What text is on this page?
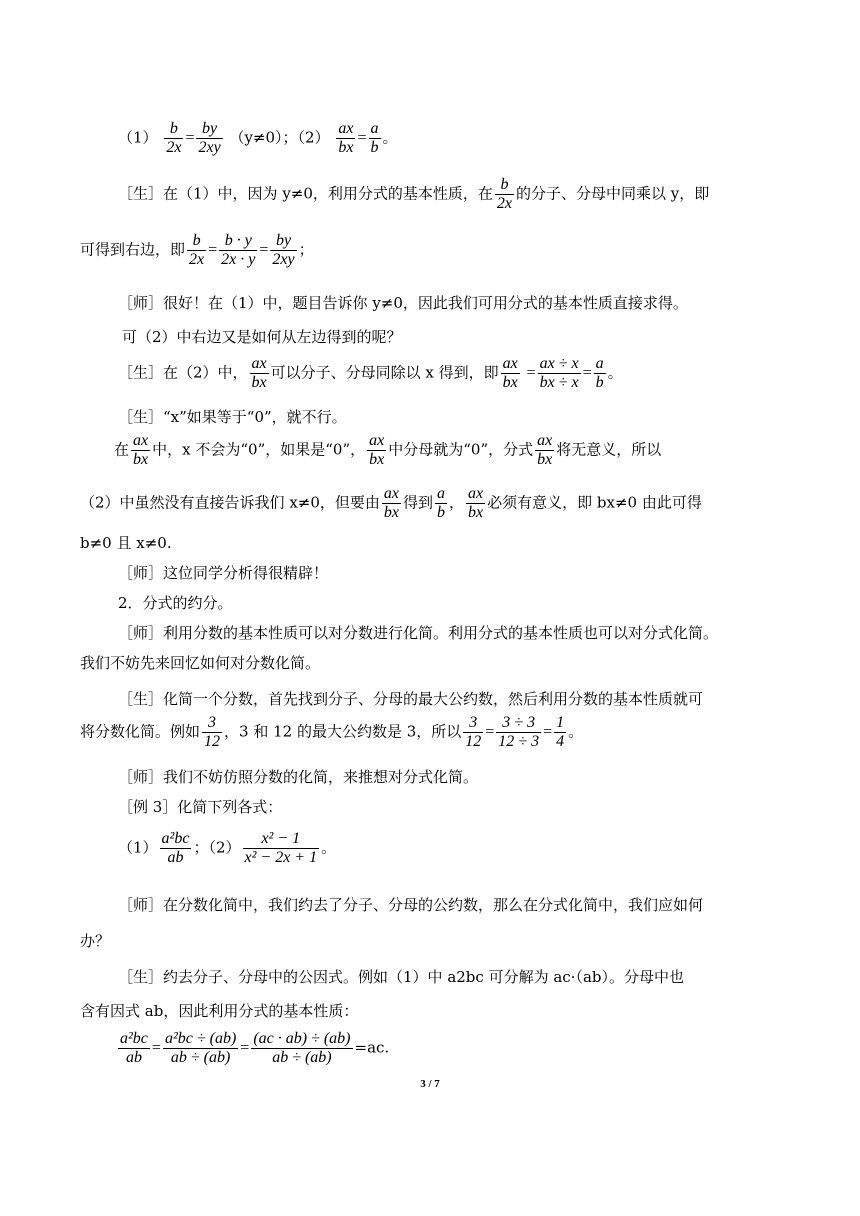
$(1) \frac{b}{2x} = \frac{by}{2xy} (y\ne 0)$；$(2) \frac{ax}{bx} = \frac{a}{b}$ 。
［生］在（1）中，因为 y≠0，利用分式的基本性质，在 $\frac{b}{2x}$ 的分子、分母中同乘以 y，即
可得到右边，即 $\frac{b}{2x} = \frac{b \cdot y}{2x \cdot y} = \frac{by}{2xy}$ ；
［师］很好！在（1）中，题目告诉你 y≠0，因此我们可用分式的基本性质直接求得。
可（2）中右边又是如何从左边得到的呢？
［生］在（2）中， $\frac{ax}{bx}$ 可以分子、分母同除以 x 得到，即 $\frac{ax}{bx} = \frac{ax \div x}{bx \div x} = \frac{a}{b}$ 。
［生］“x”如果等于“0”，就不行。
在 $\frac{ax}{bx}$ 中，x 不会为“0”，如果是“0”， $\frac{ax}{bx}$ 中分母就为“0”，分式 $\frac{ax}{bx}$ 将无意义，所以
（2）中虽然没有直接告诉我们 x≠0，但要由 $\frac{ax}{bx}$ 得到 $\frac{a}{b}$ ， $\frac{ax}{bx}$ 必须有意义，即 bx≠0 由此可得
b≠0 且 x≠0.
［师］这位同学分析得很精辟！
2．分式的约分。
［师］利用分数的基本性质可以对分数进行化简。利用分式的基本性质也可以对分式化简。
我们不妨先来回忆如何对分数化简。
［生］化简一个分数，首先找到分子、分母的最大公约数，然后利用分数的基本性质就可
将分数化简。例如 $\frac{3}{12}$ ，3 和 12 的最大公约数是 3，所以 $\frac{3}{12} = \frac{3 \div 3}{12 \div 3} = \frac{1}{4}$ 。
［师］我们不妨仿照分数的化简，来推想对分式化简。
［例 3］化简下列各式：
$(1) \frac{\text{a²bc}}{ab}$ ；$(2) \frac{\text{x² − 1}}{\text{x² − 2x + 1}}$ 。
［师］在分数化简中，我们约去了分子、分母的公约数，那么在分式化简中，我们应如何
办？
［生］约去分子、分母中的公因式。例如（1）中 a2bc 可分解为 ac·（ab）。分母中也
含有因式 ab，因此利用分式的基本性质：
$\frac{\text{a²bc}}{ab} = \frac{\text{a²bc ÷ (ab)}}{ab \div (ab)} = \frac{(ac \cdot ab) \div (ab)}{ab \div (ab)} =ac$.
3 / 7
